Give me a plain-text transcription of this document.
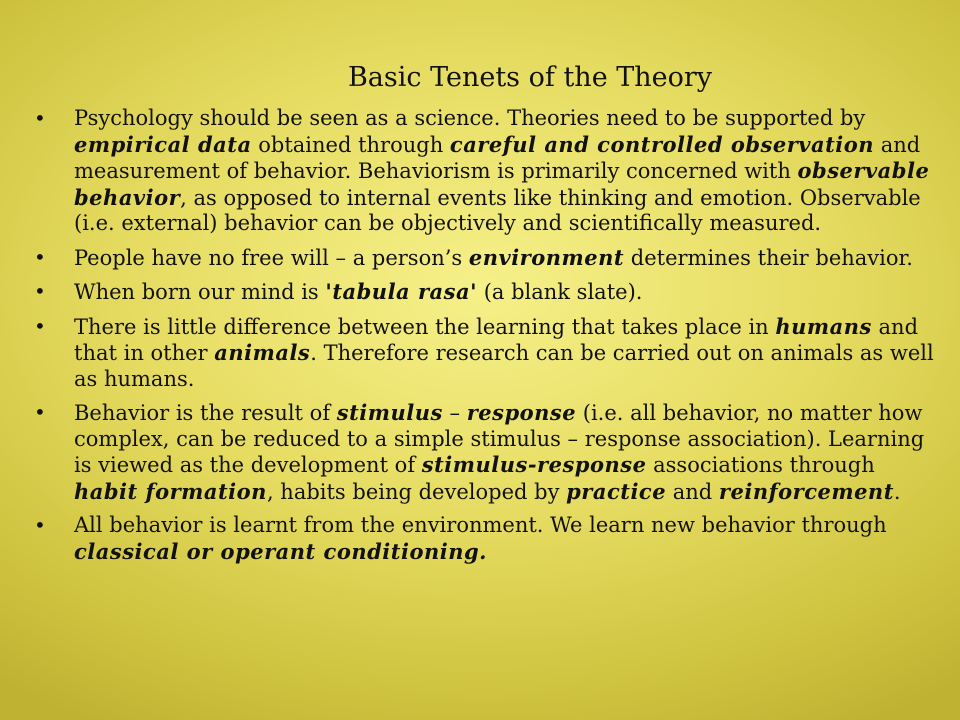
Basic Tenets of the Theory
• Psychology should be seen as a science. Theories need to be supported by empirical data obtained through careful and controlled observation and measurement of behavior. Behaviorism is primarily concerned with observable behavior, as opposed to internal events like thinking and emotion. Observable (i.e. external) behavior can be objectively and scientifically measured.
• People have no free will – a person’s environment determines their behavior.
• When born our mind is 'tabula rasa' (a blank slate).
• There is little difference between the learning that takes place in humans and that in other animals. Therefore research can be carried out on animals as well as humans.
• Behavior is the result of stimulus – response (i.e. all behavior, no matter how complex, can be reduced to a simple stimulus – response association). Learning is viewed as the development of stimulus-response associations through habit formation, habits being developed by practice and reinforcement.
• All behavior is learnt from the environment. We learn new behavior through classical or operant conditioning.
